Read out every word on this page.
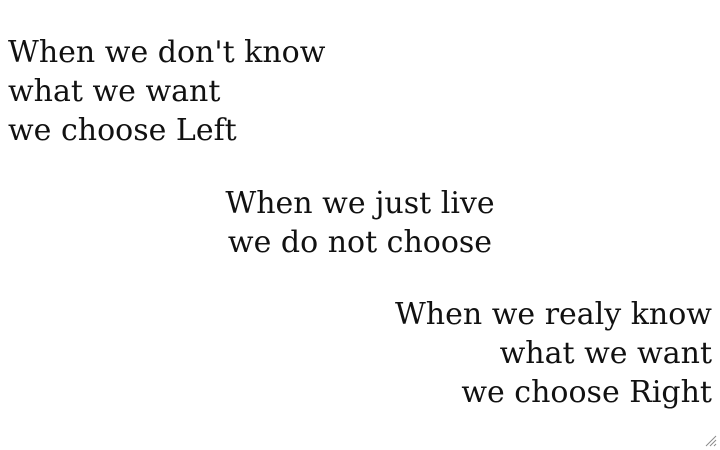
When we don't know
what we want
we choose Left
When we just live
we do not choose
When we realy know
what we want
we choose Right
